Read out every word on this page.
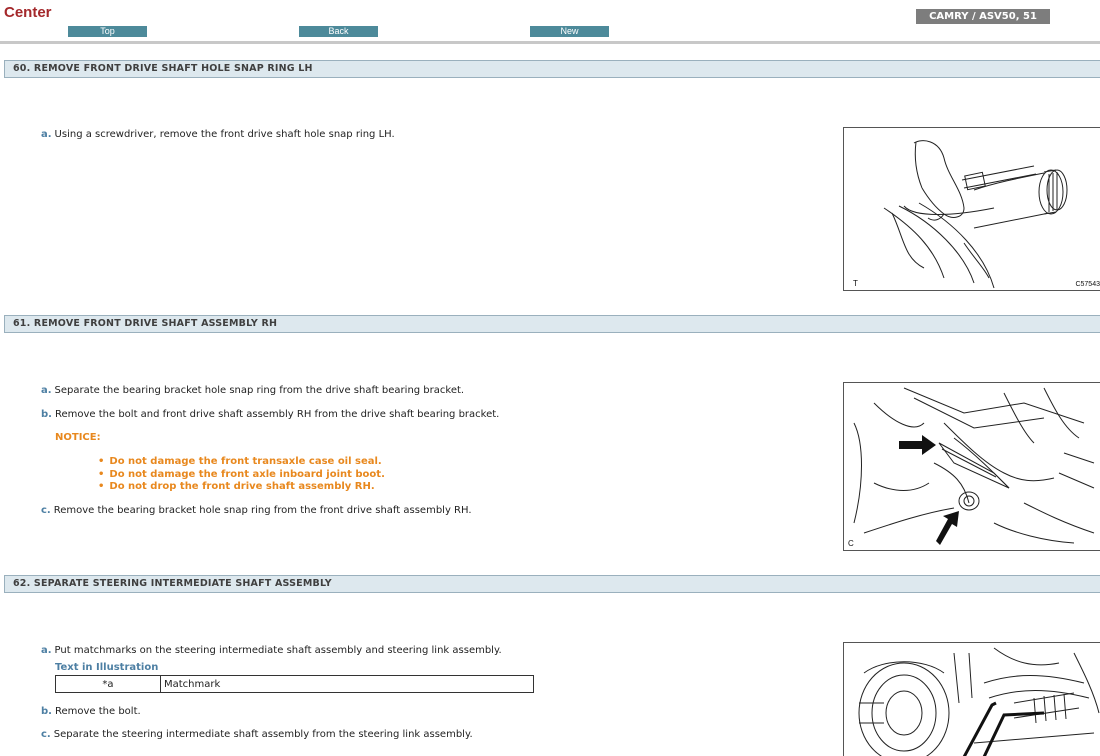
Center
Top	Back	New
CAMRY / ASV50, 51
60. REMOVE FRONT DRIVE SHAFT HOLE SNAP RING LH
a. Using a screwdriver, remove the front drive shaft hole snap ring LH.
T	C57543
61. REMOVE FRONT DRIVE SHAFT ASSEMBLY RH
a. Separate the bearing bracket hole snap ring from the drive shaft bearing bracket.
b. Remove the bolt and front drive shaft assembly RH from the drive shaft bearing bracket.
NOTICE:
• Do not damage the front transaxle case oil seal.
• Do not damage the front axle inboard joint boot.
• Do not drop the front drive shaft assembly RH.
c. Remove the bearing bracket hole snap ring from the front drive shaft assembly RH.
C
62. SEPARATE STEERING INTERMEDIATE SHAFT ASSEMBLY
a. Put matchmarks on the steering intermediate shaft assembly and steering link assembly.
Text in Illustration
*a	Matchmark
b. Remove the bolt.
c. Separate the steering intermediate shaft assembly from the steering link assembly.
